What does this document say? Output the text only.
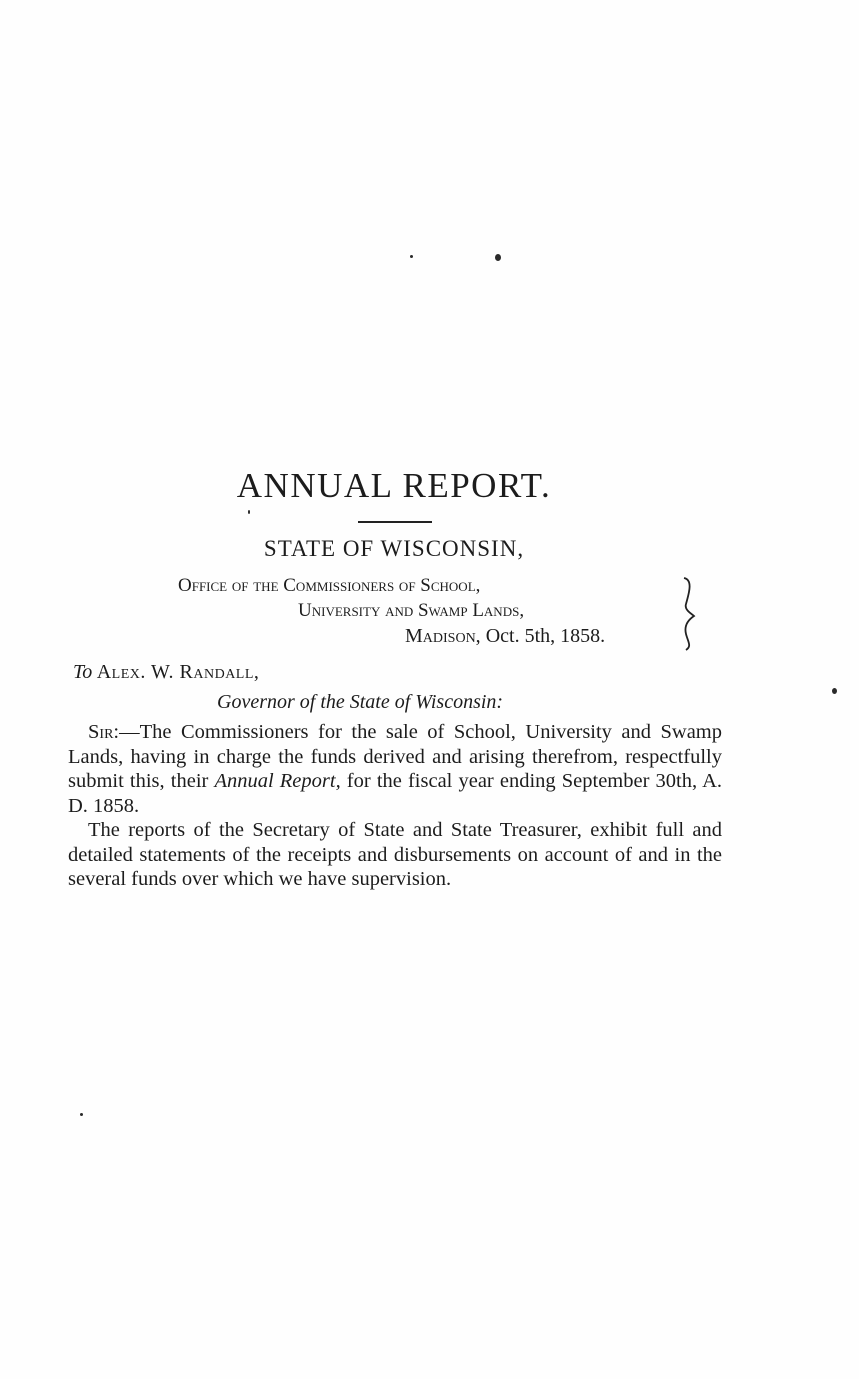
ANNUAL REPORT.
STATE OF WISCONSIN,
Office of the Commissioners of School,
University and Swamp Lands,
Madison, Oct. 5th, 1858.
To Alex. W. Randall,
Governor of the State of Wisconsin:

Sir:—The Commissioners for the sale of School, University and Swamp Lands, having in charge the funds derived and arising therefrom, respectfully submit this, their Annual Report, for the fiscal year ending September 30th, A. D. 1858.

The reports of the Secretary of State and State Treasurer, exhibit full and detailed statements of the receipts and disbursements on account of and in the several funds over which we have supervision.
